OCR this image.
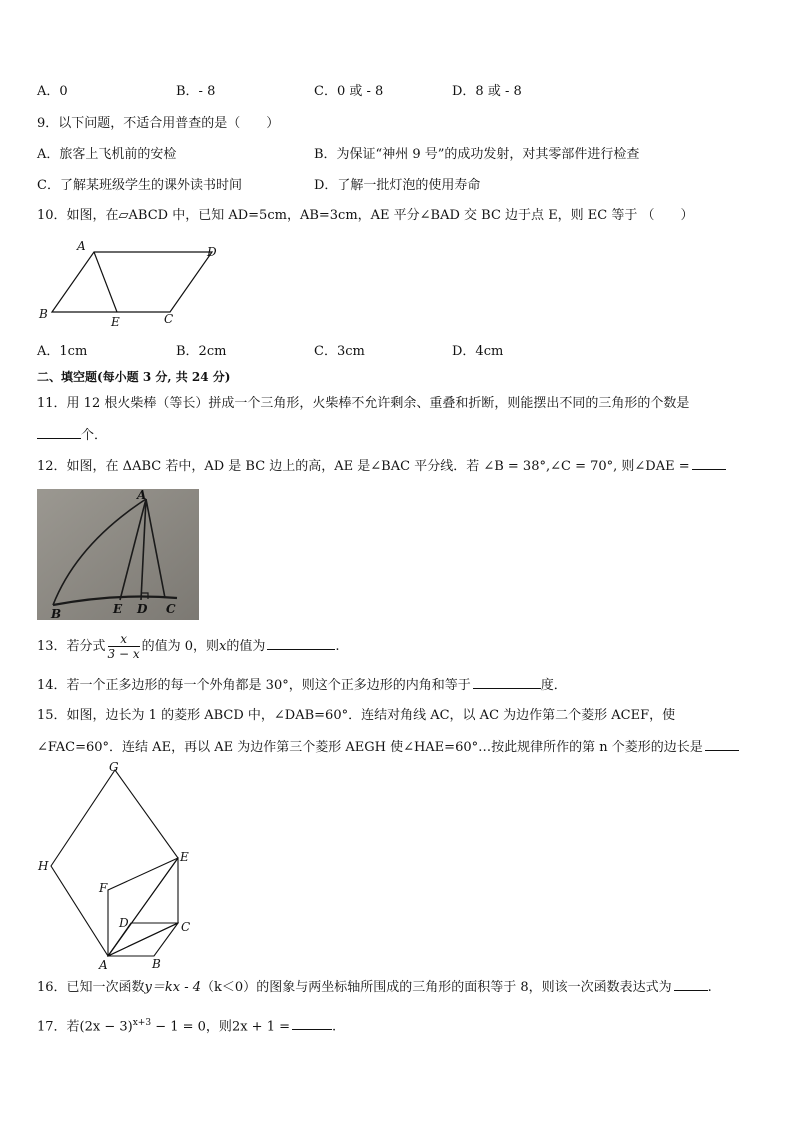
A．0	B．- 8	C．0 或 - 8	D．8 或 - 8
9．以下问题，不适合用普查的是（　　）
A．旅客上飞机前的安检	B．为保证“神州 9 号”的成功发射，对其零部件进行检查
C．了解某班级学生的课外读书时间	D．了解一批灯泡的使用寿命
10．如图，在▱ABCD 中，已知 AD=5cm，AB=3cm，AE 平分∠BAD 交 BC 边于点 E，则 EC 等于 （　　）
A	D
B
E	C
A．1cm	B．2cm	C．3cm	D．4cm
二、填空题(每小题 3 分, 共 24 分)
11．用 12 根火柴棒（等长）拼成一个三角形，火柴棒不允许剩余、重叠和折断，则能摆出不同的三角形的个数是
个．
12．如图，在 ΔABC 若中，AD 是 BC 边上的高，AE 是∠BAC 平分线．若 ∠B = 38°,∠C = 70°, 则∠DAE =
A
B	E D C
13．若分式 $\frac{x}{3 - x}$ 的值为 0，则x的值为	.
14．若一个正多边形的每一个外角都是 30°，则这个正多边形的内角和等于	度．
15．如图，边长为 1 的菱形 ABCD 中，∠DAB=60°．连结对角线 AC，以 AC 为边作第二个菱形 ACEF，使
∠FAC=60°．连结 AE，再以 AE 为边作第三个菱形 AEGH 使∠HAE=60°…按此规律所作的第 n 个菱形的边长是
G
H
E
F
D	C
A	B
16．已知一次函数y＝kx - 4（k＜0）的图象与两坐标轴所围成的三角形的面积等于 8，则该一次函数表达式为	.
17．若$(2x - 3)^{x+3} - 1 = 0$，则2x + 1 =	.
